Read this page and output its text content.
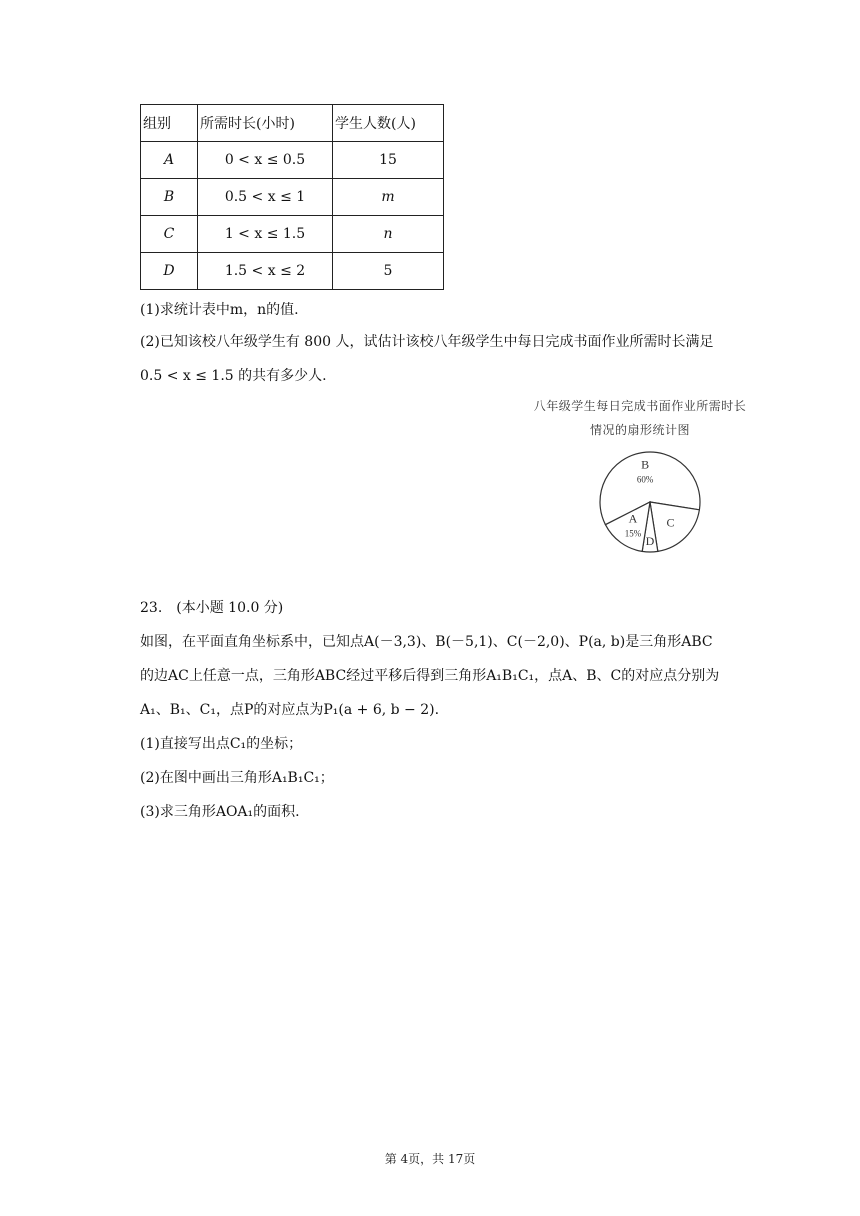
组别	所需时长(小时)	学生人数(人)
A	0 < x ≤ 0.5	15
B	0.5 < x ≤ 1	m
C	1 < x ≤ 1.5	n
D	1.5 < x ≤ 2	5
(1)求统计表中m，n的值.
(2)已知该校八年级学生有 800 人，试估计该校八年级学生中每日完成书面作业所需时长满足
0.5 < x ≤ 1.5 的共有多少人.
八年级学生每日完成书面作业所需时长
情况的扇形统计图
B
60%
C
D
A
15%
23.　(本小题 10.0 分)
如图，在平面直角坐标系中，已知点A(－3,3)、B(－5,1)、C(－2,0)、P(a, b)是三角形ABC
的边AC上任意一点，三角形ABC经过平移后得到三角形A₁B₁C₁，点A、B、C的对应点分别为
A₁、B₁、C₁，点P的对应点为P₁(a + 6, b − 2).
(1)直接写出点C₁的坐标；
(2)在图中画出三角形A₁B₁C₁；
(3)求三角形AOA₁的面积.
第 4页，共 17页
